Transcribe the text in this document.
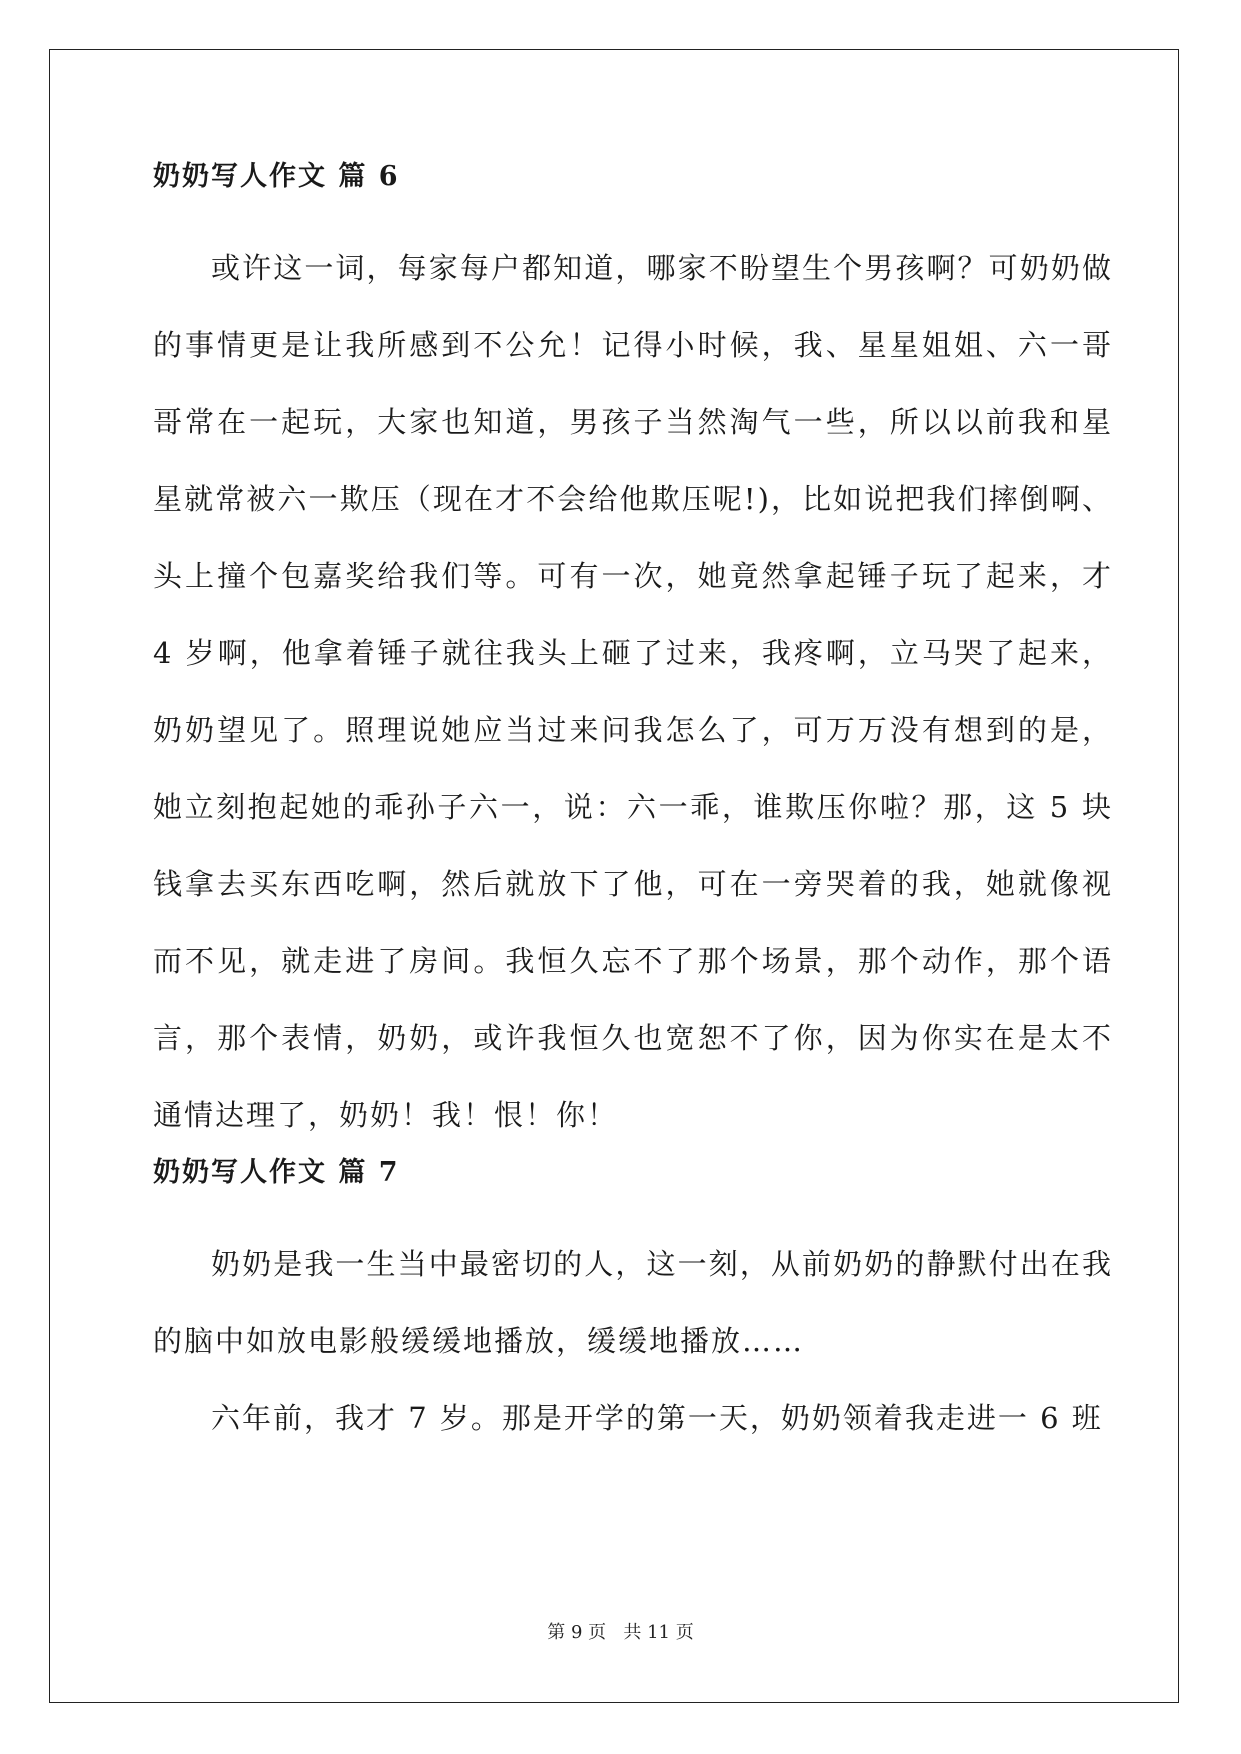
奶奶写人作文 篇 6

或许这一词，每家每户都知道，哪家不盼望生个男孩啊？可奶奶做的事情更是让我所感到不公允！记得小时候，我、星星姐姐、六一哥哥常在一起玩，大家也知道，男孩子当然淘气一些，所以以前我和星星就常被六一欺压（现在才不会给他欺压呢!)，比如说把我们摔倒啊、头上撞个包嘉奖给我们等。可有一次，她竟然拿起锤子玩了起来，才 4 岁啊，他拿着锤子就往我头上砸了过来，我疼啊，立马哭了起来，奶奶望见了。照理说她应当过来问我怎么了，可万万没有想到的是，她立刻抱起她的乖孙子六一，说：六一乖，谁欺压你啦？那，这 5 块钱拿去买东西吃啊，然后就放下了他，可在一旁哭着的我，她就像视而不见，就走进了房间。我恒久忘不了那个场景，那个动作，那个语言，那个表情，奶奶，或许我恒久也宽恕不了你，因为你实在是太不通情达理了，奶奶！我！恨！你！

奶奶写人作文 篇 7

奶奶是我一生当中最密切的人，这一刻，从前奶奶的静默付出在我的脑中如放电影般缓缓地播放，缓缓地播放……

六年前，我才 7 岁。那是开学的第一天，奶奶领着我走进一 6 班

第 9 页   共 11 页
